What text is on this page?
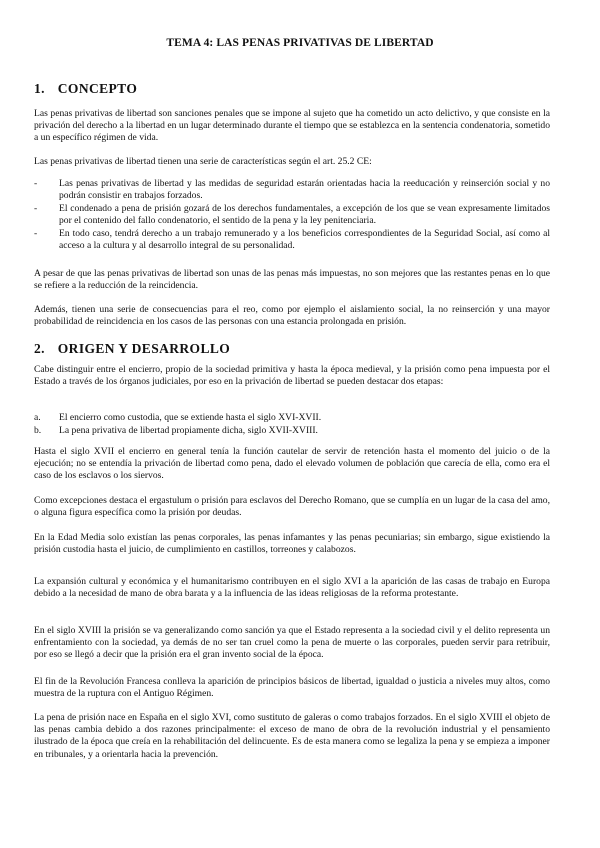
TEMA 4: LAS PENAS PRIVATIVAS DE LIBERTAD
1. CONCEPTO

Las penas privativas de libertad son sanciones penales que se impone al sujeto que ha cometido un acto delictivo, y que consiste en la privación del derecho a la libertad en un lugar determinado durante el tiempo que se establezca en la sentencia condenatoria, sometido a un específico régimen de vida.

Las penas privativas de libertad tienen una serie de características según el art. 25.2 CE:

- Las penas privativas de libertad y las medidas de seguridad estarán orientadas hacia la reeducación y reinserción social y no podrán consistir en trabajos forzados.
- El condenado a pena de prisión gozará de los derechos fundamentales, a excepción de los que se vean expresamente limitados por el contenido del fallo condenatorio, el sentido de la pena y la ley penitenciaria.
- En todo caso, tendrá derecho a un trabajo remunerado y a los beneficios correspondientes de la Seguridad Social, así como al acceso a la cultura y al desarrollo integral de su personalidad.

A pesar de que las penas privativas de libertad son unas de las penas más impuestas, no son mejores que las restantes penas en lo que se refiere a la reducción de la reincidencia.

Además, tienen una serie de consecuencias para el reo, como por ejemplo el aislamiento social, la no reinserción y una mayor probabilidad de reincidencia en los casos de las personas con una estancia prolongada en prisión.

2. ORIGEN Y DESARROLLO

Cabe distinguir entre el encierro, propio de la sociedad primitiva y hasta la época medieval, y la prisión como pena impuesta por el Estado a través de los órganos judiciales, por eso en la privación de libertad se pueden destacar dos etapas:

a. El encierro como custodia, que se extiende hasta el siglo XVI-XVII.
b. La pena privativa de libertad propiamente dicha, siglo XVII-XVIII.

Hasta el siglo XVII el encierro en general tenía la función cautelar de servir de retención hasta el momento del juicio o de la ejecución; no se entendía la privación de libertad como pena, dado el elevado volumen de población que carecía de ella, como era el caso de los esclavos o los siervos.

Como excepciones destaca el ergastulum o prisión para esclavos del Derecho Romano, que se cumplía en un lugar de la casa del amo, o alguna figura específica como la prisión por deudas.

En la Edad Media solo existían las penas corporales, las penas infamantes y las penas pecuniarias; sin embargo, sigue existiendo la prisión custodia hasta el juicio, de cumplimiento en castillos, torreones y calabozos.

La expansión cultural y económica y el humanitarismo contribuyen en el siglo XVI a la aparición de las casas de trabajo en Europa debido a la necesidad de mano de obra barata y a la influencia de las ideas religiosas de la reforma protestante.

En el siglo XVIII la prisión se va generalizando como sanción ya que el Estado representa a la sociedad civil y el delito representa un enfrentamiento con la sociedad, ya demás de no ser tan cruel como la pena de muerte o las corporales, pueden servir para retribuir, por eso se llegó a decir que la prisión era el gran invento social de la época.

El fin de la Revolución Francesa conlleva la aparición de principios básicos de libertad, igualdad o justicia a niveles muy altos, como muestra de la ruptura con el Antiguo Régimen.

La pena de prisión nace en España en el siglo XVI, como sustituto de galeras o como trabajos forzados. En el siglo XVIII el objeto de las penas cambia debido a dos razones principalmente: el exceso de mano de obra de la revolución industrial y el pensamiento ilustrado de la época que creía en la rehabilitación del delincuente. Es de esta manera como se legaliza la pena y se empieza a imponer en tribunales, y a orientarla hacia la prevención.
